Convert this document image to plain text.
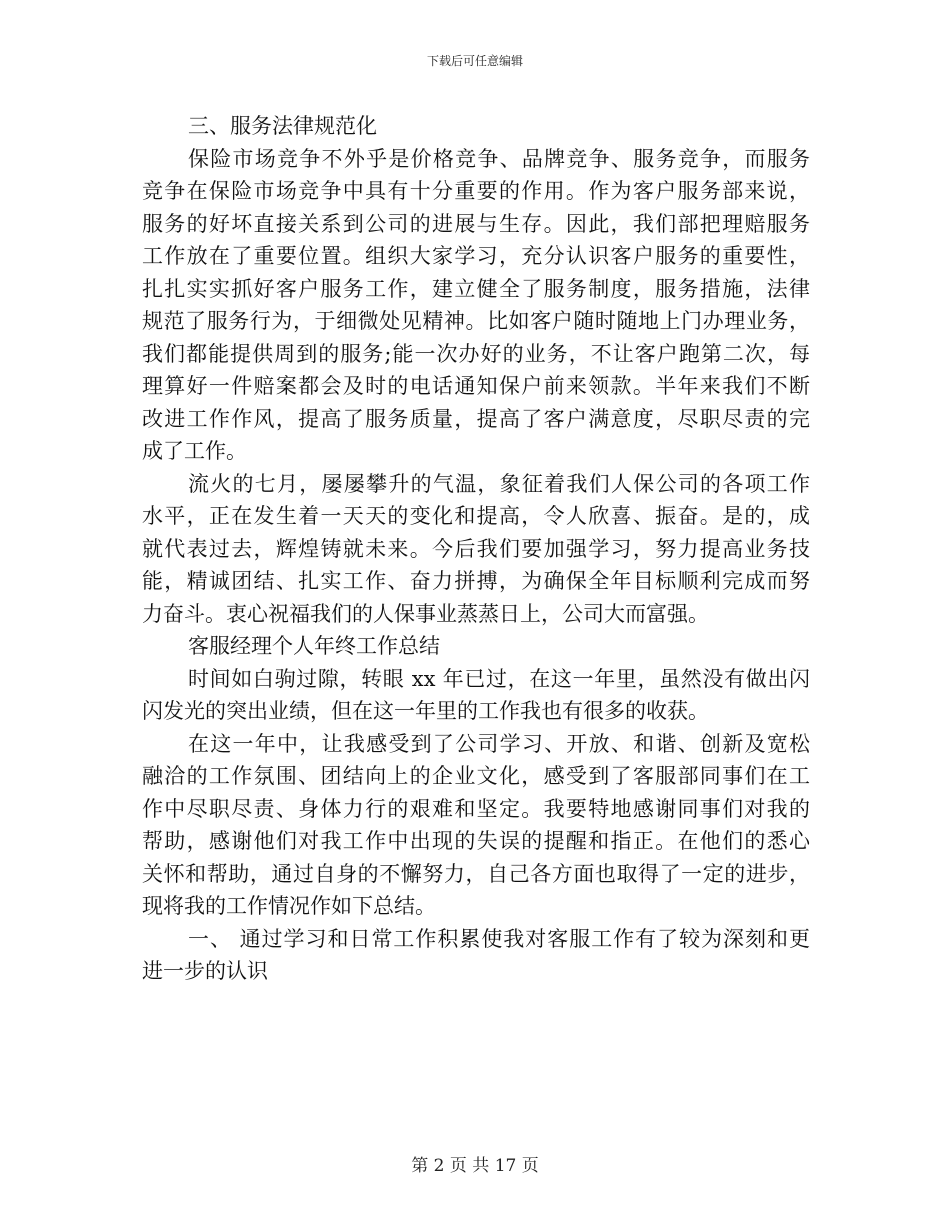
下载后可任意编辑
三、服务法律规范化
保险市场竞争不外乎是价格竞争、品牌竞争、服务竞争，而服务
竞争在保险市场竞争中具有十分重要的作用。作为客户服务部来说，
服务的好坏直接关系到公司的进展与生存。因此，我们部把理赔服务
工作放在了重要位置。组织大家学习，充分认识客户服务的重要性，
扎扎实实抓好客户服务工作，建立健全了服务制度，服务措施，法律
规范了服务行为，于细微处见精神。比如客户随时随地上门办理业务，
我们都能提供周到的服务;能一次办好的业务，不让客户跑第二次，每
理算好一件赔案都会及时的电话通知保户前来领款。半年来我们不断
改进工作作风，提高了服务质量，提高了客户满意度，尽职尽责的完
成了工作。
流火的七月，屡屡攀升的气温，象征着我们人保公司的各项工作
水平，正在发生着一天天的变化和提高，令人欣喜、振奋。是的，成
就代表过去，辉煌铸就未来。今后我们要加强学习，努力提高业务技
能，精诚团结、扎实工作、奋力拼搏，为确保全年目标顺利完成而努
力奋斗。衷心祝福我们的人保事业蒸蒸日上，公司大而富强。
客服经理个人年终工作总结
时间如白驹过隙，转眼 xx 年已过，在这一年里，虽然没有做出闪
闪发光的突出业绩，但在这一年里的工作我也有很多的收获。
在这一年中，让我感受到了公司学习、开放、和谐、创新及宽松
融洽的工作氛围、团结向上的企业文化，感受到了客服部同事们在工
作中尽职尽责、身体力行的艰难和坚定。我要特地感谢同事们对我的
帮助，感谢他们对我工作中出现的失误的提醒和指正。在他们的悉心
关怀和帮助，通过自身的不懈努力，自己各方面也取得了一定的进步，
现将我的工作情况作如下总结。
一、 通过学习和日常工作积累使我对客服工作有了较为深刻和更
进一步的认识
第 2 页 共 17 页
